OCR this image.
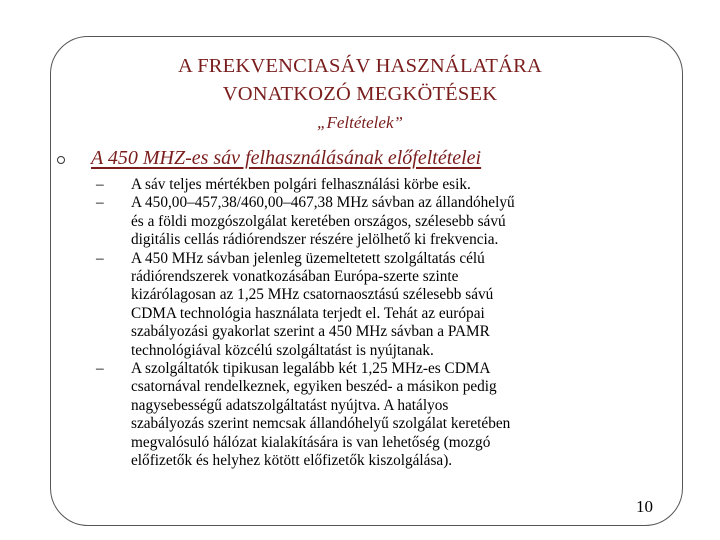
A FREKVENCIASÁV HASZNÁLATÁRA
VONATKOZÓ MEGKÖTÉSEK
„Feltételek”
A 450 MHZ-es sáv felhasználásának előfeltételei
–	A sáv teljes mértékben polgári felhasználási körbe esik.
–	A 450,00–457,38/460,00–467,38 MHz sávban az állandóhelyű
és a földi mozgószolgálat keretében országos, szélesebb sávú
digitális cellás rádiórendszer részére jelölhető ki frekvencia.
–	A 450 MHz sávban jelenleg üzemeltetett szolgáltatás célú
rádiórendszerek vonatkozásában Európa-szerte szinte
kizárólagosan az 1,25 MHz csatornaosztású szélesebb sávú
CDMA technológia használata terjedt el. Tehát az európai
szabályozási gyakorlat szerint a 450 MHz sávban a PAMR
technológiával közcélú szolgáltatást is nyújtanak.
–	A szolgáltatók tipikusan legalább két 1,25 MHz-es CDMA
csatornával rendelkeznek, egyiken beszéd- a másikon pedig
nagysebességű adatszolgáltatást nyújtva. A hatályos
szabályozás szerint nemcsak állandóhelyű szolgálat keretében
megvalósuló hálózat kialakítására is van lehetőség (mozgó
előfizetők és helyhez kötött előfizetők kiszolgálása).
10
